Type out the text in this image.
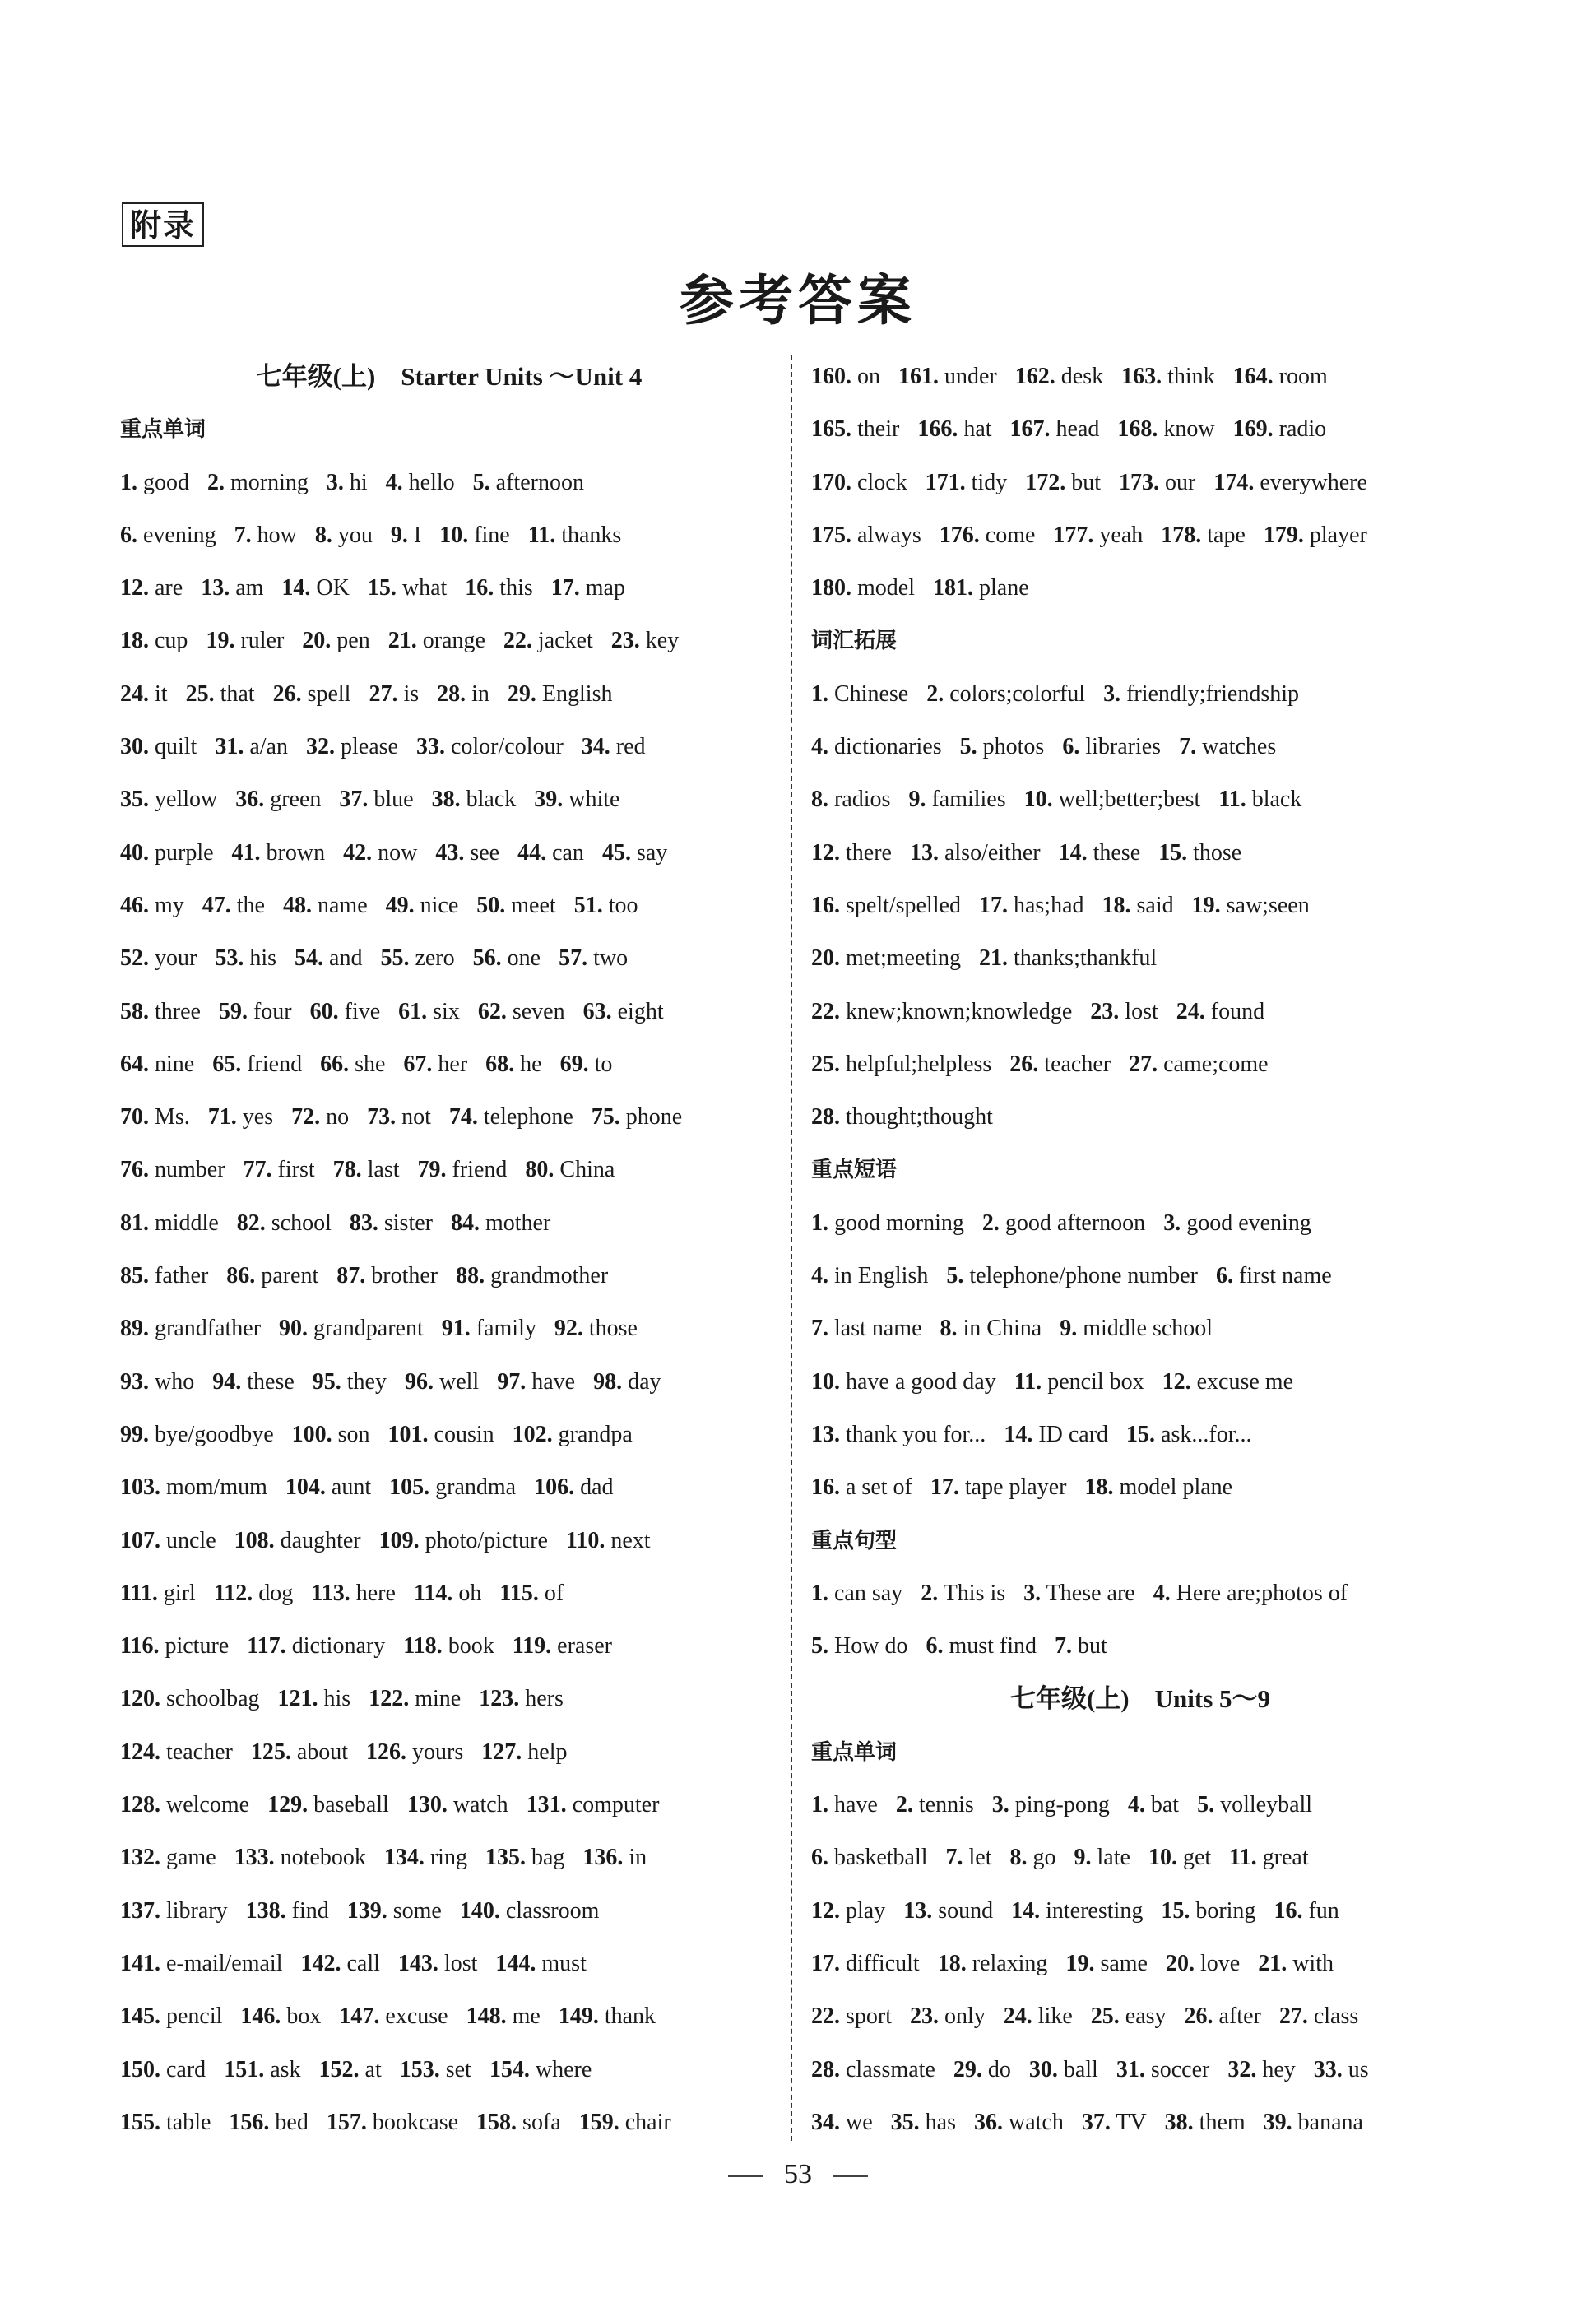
附录
参考答案
七年级(上)　Starter Units ～Unit 4
重点单词
1. good 2. morning 3. hi 4. hello 5. afternoon
6. evening 7. how 8. you 9. I 10. fine 11. thanks
12. are 13. am 14. OK 15. what 16. this 17. map
18. cup 19. ruler 20. pen 21. orange 22. jacket 23. key
24. it 25. that 26. spell 27. is 28. in 29. English
30. quilt 31. a/an 32. please 33. color/colour 34. red
35. yellow 36. green 37. blue 38. black 39. white
40. purple 41. brown 42. now 43. see 44. can 45. say
46. my 47. the 48. name 49. nice 50. meet 51. too
52. your 53. his 54. and 55. zero 56. one 57. two
58. three 59. four 60. five 61. six 62. seven 63. eight
64. nine 65. friend 66. she 67. her 68. he 69. to
70. Ms. 71. yes 72. no 73. not 74. telephone 75. phone
76. number 77. first 78. last 79. friend 80. China
81. middle 82. school 83. sister 84. mother
85. father 86. parent 87. brother 88. grandmother
89. grandfather 90. grandparent 91. family 92. those
93. who 94. these 95. they 96. well 97. have 98. day
99. bye/goodbye 100. son 101. cousin 102. grandpa
103. mom/mum 104. aunt 105. grandma 106. dad
107. uncle 108. daughter 109. photo/picture 110. next
111. girl 112. dog 113. here 114. oh 115. of
116. picture 117. dictionary 118. book 119. eraser
120. schoolbag 121. his 122. mine 123. hers
124. teacher 125. about 126. yours 127. help
128. welcome 129. baseball 130. watch 131. computer
132. game 133. notebook 134. ring 135. bag 136. in
137. library 138. find 139. some 140. classroom
141. e-mail/email 142. call 143. lost 144. must
145. pencil 146. box 147. excuse 148. me 149. thank
150. card 151. ask 152. at 153. set 154. where
155. table 156. bed 157. bookcase 158. sofa 159. chair
160. on 161. under 162. desk 163. think 164. room
165. their 166. hat 167. head 168. know 169. radio
170. clock 171. tidy 172. but 173. our 174. everywhere
175. always 176. come 177. yeah 178. tape 179. player
180. model 181. plane
词汇拓展
1. Chinese 2. colors;colorful 3. friendly;friendship
4. dictionaries 5. photos 6. libraries 7. watches
8. radios 9. families 10. well;better;best 11. black
12. there 13. also/either 14. these 15. those
16. spelt/spelled 17. has;had 18. said 19. saw;seen
20. met;meeting 21. thanks;thankful
22. knew;known;knowledge 23. lost 24. found
25. helpful;helpless 26. teacher 27. came;come
28. thought;thought
重点短语
1. good morning 2. good afternoon 3. good evening
4. in English 5. telephone/phone number 6. first name
7. last name 8. in China 9. middle school
10. have a good day 11. pencil box 12. excuse me
13. thank you for... 14. ID card 15. ask...for...
16. a set of 17. tape player 18. model plane
重点句型
1. can say 2. This is 3. These are 4. Here are;photos of
5. How do 6. must find 7. but
七年级(上)　Units 5～9
重点单词
1. have 2. tennis 3. ping-pong 4. bat 5. volleyball
6. basketball 7. let 8. go 9. late 10. get 11. great
12. play 13. sound 14. interesting 15. boring 16. fun
17. difficult 18. relaxing 19. same 20. love 21. with
22. sport 23. only 24. like 25. easy 26. after 27. class
28. classmate 29. do 30. ball 31. soccer 32. hey 33. us
34. we 35. has 36. watch 37. TV 38. them 39. banana
53
